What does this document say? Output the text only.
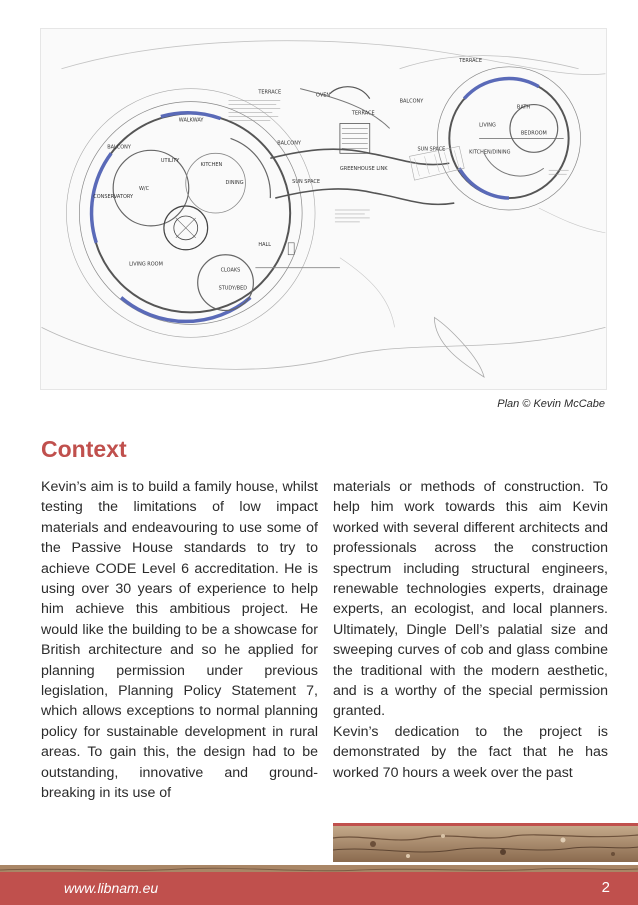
TERRACE
TERRACE
TERRACE
WALKWAY
BALCONY
BALCONY
BALCONY
OVEN
UTILITY
KITCHEN
DINING
W/C
CONSERVATORY
LIVING ROOM
HALL
CLOAKS
STUDY/BED
GREENHOUSE LINK
SUN SPACE
SUN SPACE
BATH
LIVING
BEDROOM
KITCHEN/DINING
Plan © Kevin McCabe
Context

Kevin’s aim is to build a family house, whilst testing the limitations of low impact materials and endeavouring to use some of the Passive House standards to try to achieve CODE Level 6 accreditation. He is using over 30 years of experience to help him achieve this ambitious project. He would like the building to be a showcase for British architecture and so he applied for planning permission under previous legislation, Planning Policy Statement 7, which allows exceptions to normal planning policy for sustainable development in rural areas. To gain this, the design had to be outstanding, innovative and ground-breaking in its use of

materials or methods of construction. To help him work towards this aim Kevin worked with several different architects and professionals across the construction spectrum including structural engineers, renewable technologies experts, drainage experts, an ecologist, and local planners. Ultimately, Dingle Dell’s palatial size and sweeping curves of cob and glass combine the traditional with the modern aesthetic, and is a worthy of the special permission granted.

Kevin’s dedication to the project is demonstrated by the fact that he has worked 70 hours a week over the past

www.libnam.eu	2
